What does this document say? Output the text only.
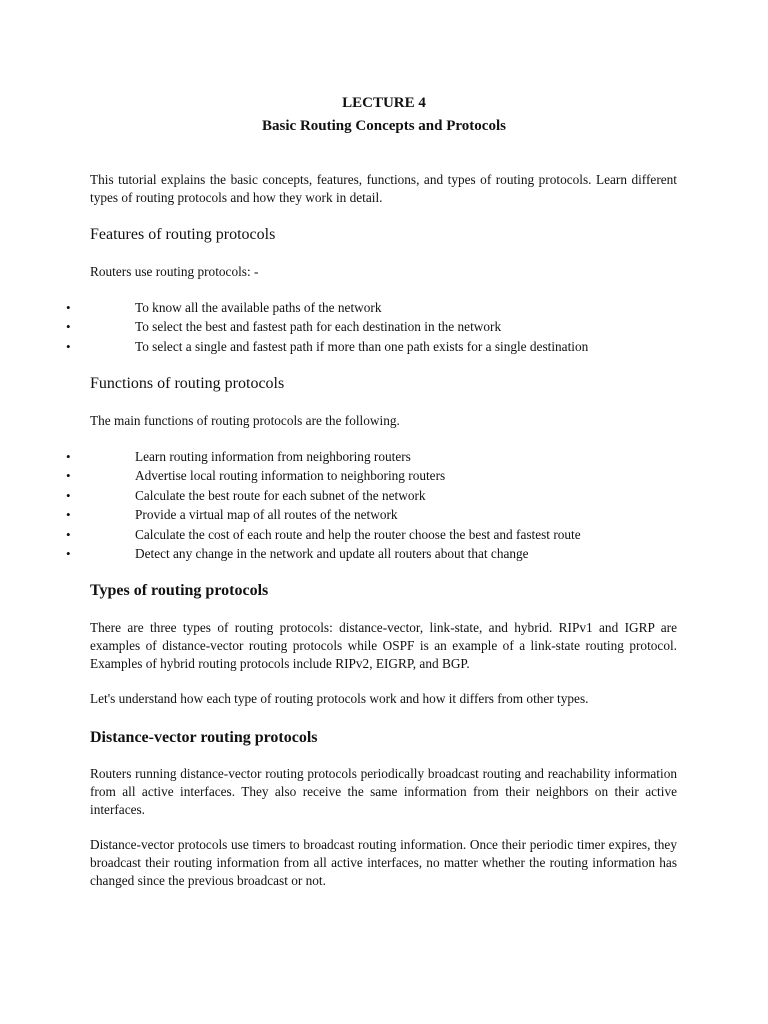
LECTURE 4
Basic Routing Concepts and Protocols
This tutorial explains the basic concepts, features, functions, and types of routing protocols. Learn different types of routing protocols and how they work in detail.
Features of routing protocols
Routers use routing protocols: -
•	To know all the available paths of the network
•	To select the best and fastest path for each destination in the network
•	To select a single and fastest path if more than one path exists for a single destination
Functions of routing protocols
The main functions of routing protocols are the following.
•	Learn routing information from neighboring routers
•	Advertise local routing information to neighboring routers
•	Calculate the best route for each subnet of the network
•	Provide a virtual map of all routes of the network
•	Calculate the cost of each route and help the router choose the best and fastest route
•	Detect any change in the network and update all routers about that change
Types of routing protocols
There are three types of routing protocols: distance-vector, link-state, and hybrid. RIPv1 and IGRP are examples of distance-vector routing protocols while OSPF is an example of a link-state routing protocol. Examples of hybrid routing protocols include RIPv2, EIGRP, and BGP.
Let's understand how each type of routing protocols work and how it differs from other types.
Distance-vector routing protocols
Routers running distance-vector routing protocols periodically broadcast routing and reachability information from all active interfaces. They also receive the same information from their neighbors on their active interfaces.
Distance-vector protocols use timers to broadcast routing information. Once their periodic timer expires, they broadcast their routing information from all active interfaces, no matter whether the routing information has changed since the previous broadcast or not.
